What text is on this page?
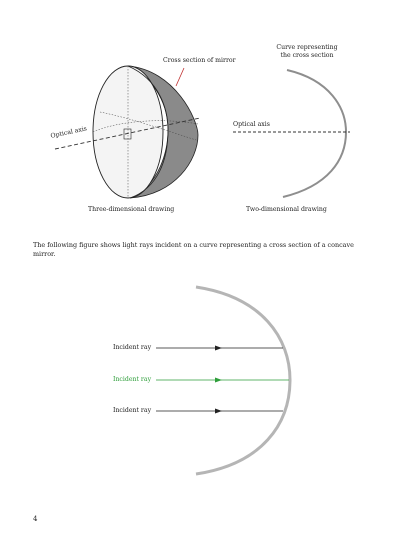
Cross section of mirror
Curve representing
the cross section
Optical axis
Optical axis
Three-dimensional drawing	Two-dimensional drawing
The following figure shows light rays incident on a curve representing a cross section of a concave mirror.
Incident ray
Incident ray
Incident ray
4
